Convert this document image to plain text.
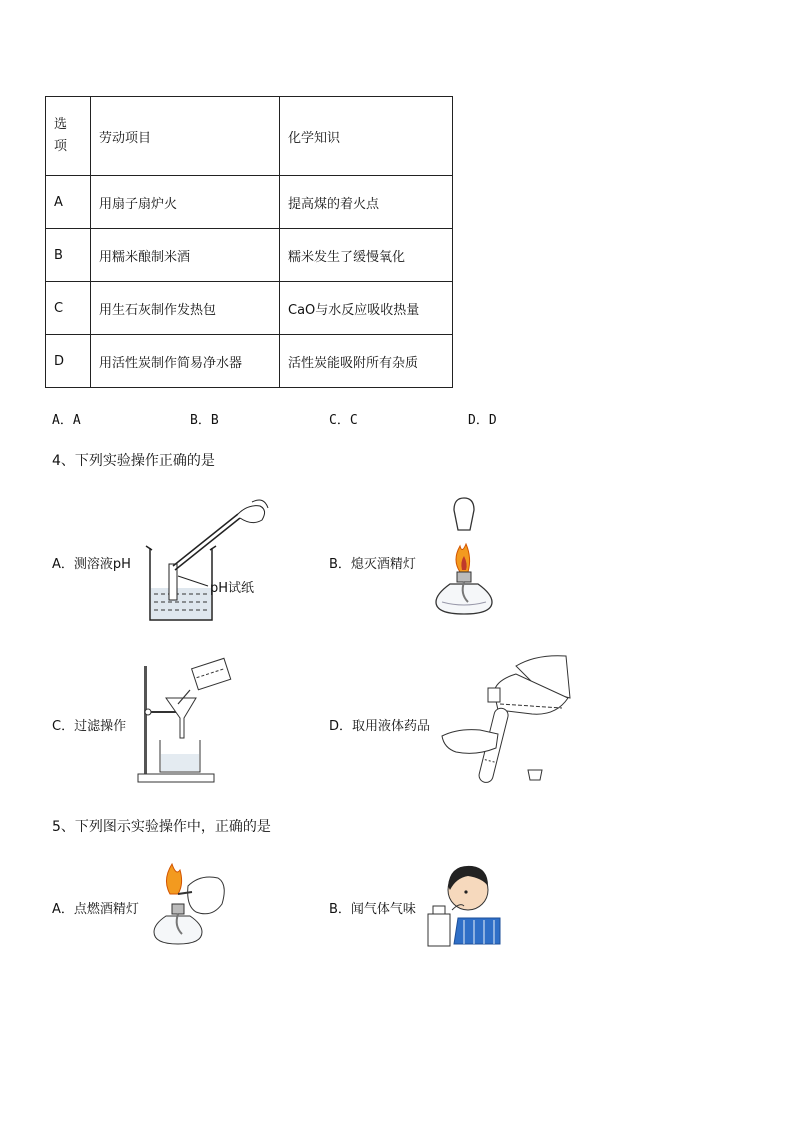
选项	劳动项目	化学知识
A	用扇子扇炉火	提高煤的着火点
B	用糯米酿制米酒	糯米发生了缓慢氧化
C	用生石灰制作发热包	CaO与水反应吸收热量
D	用活性炭制作简易净水器	活性炭能吸附所有杂质
A．A	B．B	C．C	D．D
4、下列实验操作正确的是
A．测溶液pH
pH试纸
B．熄灭酒精灯
C．过滤操作	D．取用液体药品
5、下列图示实验操作中，正确的是
A．点燃酒精灯	B．闻气体气味
